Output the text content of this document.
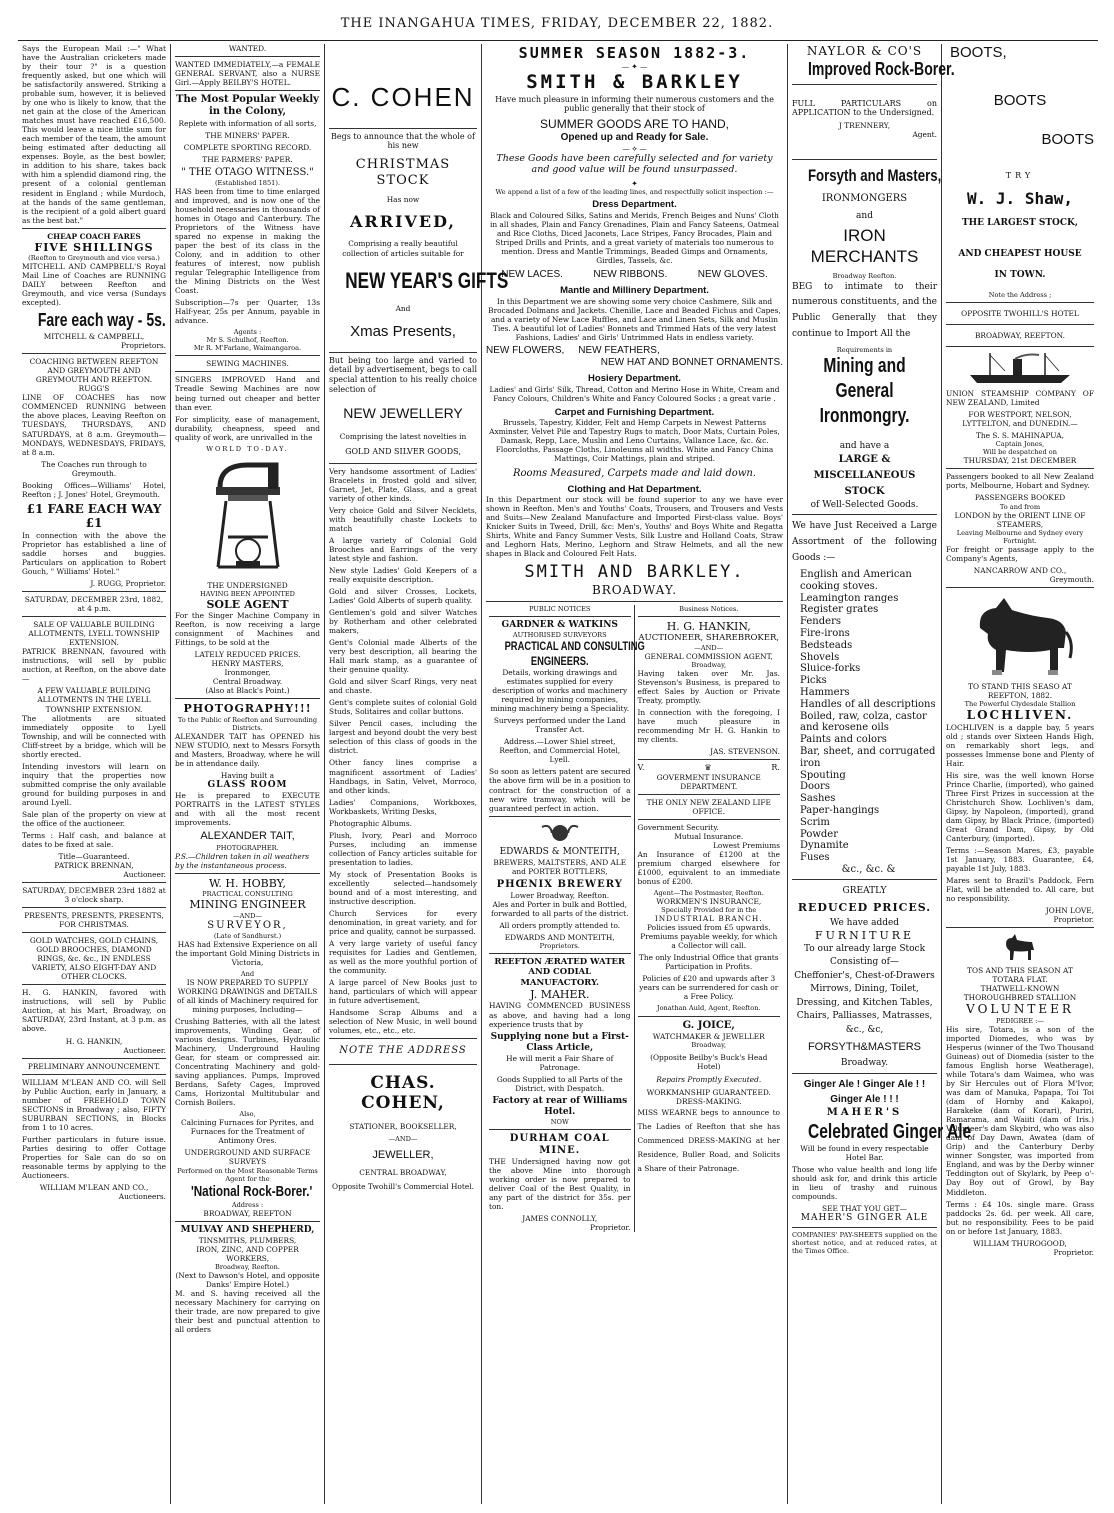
THE INANGAHUA TIMES, FRIDAY, DECEMBER 22, 1882.

Says the European Mail :—" What have the Australian cricketers made by their tour ?" is a question frequently asked, but one which will be satisfactorily answered. Striking a probable sum, however, it is believed by one who is likely to know, that the net gain at the close of the American matches must have reached £16,500. This would leave a nice little sum for each member of the team, the amount being estimated after deducting all expenses. Boyle, as the best bowler, in addition to his share, takes back with him a splendid diamond ring, the present of a colonial gentleman resident in England ; while Murdoch, at the hands of the same gentleman, is the recipient of a gold albert guard as the best bat."

CHEAP COACH FARES
FIVE SHILLINGS
(Reefton to Greymouth and vice versa.)

MITCHELL AND CAMPBELL'S Royal Mail Line of Coaches are RUNNING DAILY between Reefton and Greymouth, and vice versa (Sundays excepted).

Fare each way - 5s.
MITCHELL & CAMPBELL,
Proprietors.
COACHING BETWEEN REEFTON AND GREYMOUTH AND GREYMOUTH AND REEFTON.
RUGG'S

LINE OF COACHES has now COMMENCED RUNNING between the above places, Leaving Reefton on TUESDAYS, THURSDAYS, AND SATURDAYS, at 8 a.m. Greymouth— MONDAYS, WEDNESDAYS, FRIDAYS, at 8 a.m.

The Coaches run through to Greymouth.

Booking Offices—Williams' Hotel, Reefton ; J. Jones' Hotel, Greymouth.

£1 FARE EACH WAY £1

In connection with the above the Proprietor has established a line of saddle horses and buggies. Particulars on application to Robert Gouch, " Williams' Hotel."

J. RUGG, Proprietor.
SATURDAY, DECEMBER 23rd, 1882, at 4 p.m.
SALE OF VALUABLE BUILDING ALLOTMENTS, LYELL TOWNSHIP EXTENSION.

PATRICK BRENNAN, favoured with instructions, will sell by public auction, at Reefton, on the above date—

A FEW VALUABLE BUILDING ALLOTMENTS IN THE LYELL TOWNSHIP EXTENSION.

The allotments are situated immediately opposite to Lyell Township, and will be connected with Cliff-street by a bridge, which will be shortly erected.

Intending investors will learn on inquiry that the properties now submitted comprise the only available ground for building purposes in and around Lyell.

Sale plan of the property on view at the office of the auctioneer.

Terms : Half cash, and balance at dates to be fixed at sale.

Title—Guaranteed.
PATRICK BRENNAN,
Auctioneer.
SATURDAY, DECEMBER 23rd 1882 at 3 o'clock sharp.
PRESENTS, PRESENTS, PRESENTS, FOR CHRISTMAS.
GOLD WATCHES, GOLD CHAINS, GOLD BROOCHES, DIAMOND RINGS, &c. &c., IN ENDLESS VARIETY, ALSO EIGHT-DAY AND OTHER CLOCKS.

H. G. HANKIN, favored with instructions, will sell by Public Auction, at his Mart, Broadway, on SATURDAY, 23rd Instant, at 3 p.m. as above.

H. G. HANKIN,
Auctioneer.
PRELIMINARY ANNOUNCEMENT.

WILLIAM M'LEAN AND CO. will Sell by Public Auction, early in January, a number of FREEHOLD TOWN SECTIONS in Broadway ; also, FIFTY SUBURBAN SECTIONS, in Blocks from 1 to 10 acres.

Further particulars in future issue. Parties desiring to offer Cottage Properties for Sale can do so on reasonable terms by applying to the Auctioneers.

WILLIAM M'LEAN AND CO.,
Auctioneers.
WANTED.

WANTED IMMEDIATELY,—a FEMALE GENERAL SERVANT, also a NURSE Girl.—Apply BEILBY'S HOTEL.

The Most Popular Weekly in the Colony,
Replete with information of all sorts,
THE MINERS' PAPER.
COMPLETE SPORTING RECORD.
THE FARMERS' PAPER.
" THE OTAGO WITNESS."
(Established 1851).

HAS been from time to time enlarged and improved, and is now one of the household necessaries in thousands of homes in Otago and Canterbury. The Proprietors of the Witness have spared no expense in making the paper the best of its class in the Colony, and in addition to other features of interest, now publish regular Telegraphic Intelligence from the Mining Districts on the West Coast.

Subscription—7s per Quarter, 13s Half-year, 25s per Annum, payable in advance.

Agents :
Mr S. Schulhof, Reefton.
Mr R. M'Farlane, Waimangaroa.
SEWING MACHINES.

SINGERS IMPROVED Hand and Treadle Sewing Machines are now being turned out cheaper and better than ever.

For simplicity, ease of management, durability, cheapness, speed and quality of work, are unrivalled in the

WORLD TO-DAY.
THE UNDERSIGNED
HAVING BEEN APPOINTED
SOLE AGENT

For the Singer Machine Company in Reefton, is now receiving a large consignment of Machines and Fittings, to be sold at the

LATELY REDUCED PRICES.
HENRY MASTERS,
Ironmonger,
Central Broadway.
(Also at Black's Point.)
PHOTOGRAPHY!!!
To the Public of Reefton and Surrounding Districts.

ALEXANDER TAIT has OPENED his NEW STUDIO, next to Messrs Forsyth and Masters, Broadway, where he will be in attendance daily.

Having built a
GLASS ROOM

He is prepared to EXECUTE PORTRAITS in the LATEST STYLES and with all the most recent improvements.

ALEXANDER TAIT,
PHOTOGRAPHER.

P.S.—Children taken in all weathers by the instantaneous process.

W. H. HOBBY,
PRACTICAL CONSULTING
MINING ENGINEER
—AND—
SURVEYOR,
(Late of Sandhurst.)

HAS had Extensive Experience on all the important Gold Mining Districts in Victoria,

And

IS NOW PREPARED TO SUPPLY WORKING DRAWINGS and DETAILS of all kinds of Machinery required for mining purposes, Including—

Crushing Batteries, with all the latest improvements, Winding Gear, of various designs. Turbines, Hydraulic Machinery, Underground Hauling Gear, for steam or compressed air. Concentrating Machinery and gold-saving appliances. Pumps, Improved Berdans, Safety Cages, Improved Cams, Horizontal Multitubular and Cornish Boilers.

Also,

Calcining Furnaces for Pyrites, and Furnaces for the Treatment of Antimony Ores.

UNDERGROUND AND SURFACE SURVEYS
Performed on the Most Reasonable Terms
Agent for the
'National Rock-Borer.'
Address :
BROADWAY, REEFTON
MULVAY AND SHEPHERD,
TINSMITHS, PLUMBERS,
IRON, ZINC, AND COPPER WORKERS,
Broadway, Reefton.
(Next to Dawson's Hotel, and opposite Danks' Empire Hotel.)

M. and S. having received all the necessary Machinery for carrying on their trade, are now prepared to give their best and punctual attention to all orders

C. COHEN

Begs to announce that the whole of his new

CHRISTMAS STOCK
Has now
ARRIVED,

Comprising a really beautiful collection of articles suitable for

NEW YEAR'S GIFTS
And
Xmas Presents,

But being too large and varied to detail by advertisement, begs to call special attention to his really choice selection of

NEW JEWELLERY

Comprising the latest novelties in

GOLD AND SILVER GOODS,

Very handsome assortment of Ladies' Bracelets in frosted gold and silver, Garnet, Jet, Plate, Glass, and a great variety of other kinds.

Very choice Gold and Silver Necklets, with beautifully chaste Lockets to match

A large variety of Colonial Gold Brooches and Earrings of the very latest style and fashion.

New style Ladies' Gold Keepers of a really exquisite description.

Gold and silver Crosses, Lockets, Ladies' Gold Alberts of superb quality.

Gentlemen's gold and silver Watches by Rotherham and other celebrated makers,

Gent's Colonial made Alberts of the very best description, all bearing the Hall mark stamp, as a guarantee of their genuine quality.

Gold and silver Scarf Rings, very neat and chaste.

Gent's complete suites of colonial Gold Studs, Solitaires and collar buttons.

Silver Pencil cases, including the largest and beyond doubt the very best selection of this class of goods in the district.

Other fancy lines comprise a magnificent assortment of Ladies' Handbags, in Satin, Velvet, Morroco, and other kinds.

Ladies' Companions, Workboxes, Workbaskets, Writing Desks,

Photographic Albums.

Plush, Ivory, Pearl and Morroco Purses, including an immense collection of Fancy articles suitable for presentation to ladies.

My stock of Presentation Books is excellently selected—handsomely bound and of a most interesting, and instructive description.

Church Services for every denomination, in great variety, and for price and quality, cannot be surpassed.

A very large variety of useful fancy requisites for Ladies and Gentlemen, as well as the more youthful portion of the community.

A large parcel of New Books just to hand, particulars of which will appear in future advertisement,

Handsome Scrap Albums and a selection of New Music, in well bound volumes, etc., etc., etc.

NOTE THE ADDRESS
CHAS. COHEN,
STATIONER, BOOKSELLER,
—AND—
JEWELLER,
CENTRAL BROADWAY,
Opposite Twohill's Commercial Hotel.
SUMMER SEASON 1882-3.
— ✦ —
SMITH & BARKLEY

Have much pleasure in informing their numerous customers and the public generally that their stock of

SUMMER GOODS ARE TO HAND,
Opened up and Ready for Sale.
— ⟡ —

These Goods have been carefully selected and for variety and good value will be found unsurpassed.

✦

We append a list of a few of the leading lines, and respectfully solicit inspection :—

Dress Department.

Black and Coloured Silks, Satins and Merids, French Beiges and Nuns' Cloth in all shades, Plain and Fancy Grenadines, Plain and Fancy Sateens, Oatmeal and Rice Cloths, Diced Jaconets, Lace Stripes, Fancy Brocades, Plain and Striped Drills and Prints, and a great variety of materials too numerous to mention. Dress and Mantle Trimmings, Beaded Gimps and Ornaments, Girdles, Tassels, &c.

NEW LACES.	NEW RIBBONS.	NEW GLOVES.
Mantle and Millinery Department.

In this Department we are showing some very choice Cashmere, Silk and Brocaded Dolmans and Jackets. Chenille, Lace and Beaded Fichus and Capes, and a variety of New Lace Ruffles, and Lace and Linen Sets, Silk and Muslin Ties. A beautiful lot of Ladies' Bonnets and Trimmed Hats of the very latest Fashions, Ladies' and Girls' Untrimmed Hats in endless variety.

NEW FLOWERS, NEW FEATHERS,
NEW HAT AND BONNET ORNAMENTS.
Hosiery Department.

Ladies' and Girls' Silk, Thread, Cotton and Merino Hose in White, Cream and Fancy Colours, Children's White and Fancy Coloured Socks ; a great varie .

Carpet and Furnishing Department.

Brussels, Tapestry, Kidder, Felt and Hemp Carpets in Newest Patterns Axminster, Velvet Pile and Tapestry Rugs to match, Door Mats, Curtain Poles, Damask, Repp, Lace, Muslin and Leno Curtains, Vallance Lace, &c. &c. Floorcloths, Passage Cloths, Linoleums all widths. White and Fancy China Mattings, Coir Mattings, plain and striped.

Rooms Measured, Carpets made and laid down.
Clothing and Hat Department.

In this Department our stock will be found superior to any we have ever shown in Reefton. Men's and Youths' Coats, Trousers, and Trousers and Vests and Suits—New Zealand Manufacture and Imported First-class value. Boys' Knicker Suits in Tweed, Drill, &c: Men's, Youths' and Boys White and Regatta Shirts, White and Fancy Summer Vests, Silk Lustre and Holland Coats, Straw and Leghorn Hats, Merino, Leghorn and Straw Helmets, and all the new shapes in Black and Coloured Felt Hats.

SMITH AND BARKLEY.
BROADWAY.
PUBLIC NOTICES
GARDNER & WATKINS
AUTHORISED SURVEYORS
PRACTICAL AND CONSULTING
ENGINEERS.

Details, working drawings and estimates supplied for every description of works and machinery required by mining companies, mining machinery being a Speciality.

Surveys performed under the Land Transfer Act.

Address.—Lower Shiel street, Reefton, and Commercial Hotel, Lyell.

So soon as letters patent are secured the above firm will be in a position to contract for the construction of a new wire tramway, which will be guaranteed perfect in action.

EDWARDS & MONTEITH,

BREWERS, MALTSTERS, AND ALE and PORTER BOTTLERS,

PHŒNIX BREWERY
Lower Broadway, Reefton.

Ales and Porter in bulk and Bottled, forwarded to all parts of the district.

All orders promptly attended to.

EDWARDS AND MONTEITH,
Proprietors.
REEFTON ÆRATED WATER AND CODIAL MANUFACTORY.
J. MAHER.

HAVING COMMENCED BUSINESS as above, and having had a long experience trusts that by

Supplying none but a First-Class Article,

He will merit a Fair Share of Patronage.

Goods Supplied to all Parts of the District, with Despatch.

Factory at rear of Williams Hotel.
NOW
DURHAM COAL MINE.

THE Undersigned having now got the above Mine into thorough working order is now prepared to deliver Coal of the Best Quality, in any part of the district for 35s. per ton.

JAMES CONNOLLY,
Proprietor.
Business Notices.
H. G. HANKIN,
AUCTIONEER, SHAREBROKER,
—AND—
GENERAL COMMISSION AGENT,
Broadway,

Having taken over Mr. Jas. Stevenson's Business, is prepared to effect Sales by Auction or Private Treaty, promptly.

In connection with the foregoing, I have much pleasure in recommending Mr H. G. Hankin to my clients.

JAS. STEVENSON.
V.	♛	R.
GOVERMENT INSURANCE DEPARTMENT.
THE ONLY NEW ZEALAND LIFE OFFICE.
Government Security.
Mutual Insurance.
Lowest Premiums

An Insurance of £1200 at the premium charged elsewhere for £1000, equivalent to an immediate bonus of £200.

Agent—The Postmaster, Reefton.
WORKMEN'S INSURANCE,
Specially Provided for in the
INDUSTRIAL BRANCH.

Policies issued from £5 upwards. Premiums payable weekly, for which a Collector will call.

The only Industrial Office that grants Participation in Profits.

Policies of £20 and upwards after 3 years can be surrendered for cash or a Free Policy.

Jonathan Auld, Agent, Reefton.
G. JOICE,
WATCHMAKER & JEWELLER
Broadway,
(Opposite Beilby's Buck's Head Hotel)
Repairs Promptly Executed.
WORKMANSHIP GUARANTEED.
DRESS-MAKING.

MISS WEARNE begs to announce to The Ladies of Reefton that she has Commenced DRESS-MAKING at her Residence, Buller Road, and Solicits a Share of their Patronage.

NAYLOR & CO'S
Improved Rock-Borer.

FULL PARTICULARS on APPLICATION to the Undersigned.

J TRENNERY,
Agent.
Forsyth and Masters,
IRONMONGERS
and
IRON MERCHANTS
Broadway Reefton.

BEG to intimate to their numerous constituents, and the Public Generally that they continue to Import All the

Requirements in
Mining and General Ironmongry.
and have a
LARGE & MISCELLANEOUS STOCK
of Well-Selected Goods.

We have Just Received a Large Assortment of the following Goods :—

English and American cooking stoves.
Leamington ranges
Register grates
Fenders
Fire-irons
Bedsteads
Shovels
Sluice-forks
Picks
Hammers
Handles of all descriptions
Boiled, raw, colza, castor and kerosene oils
Paints and colors
Bar, sheet, and corrugated iron
Spouting
Doors
Sashes
Paper-hangings
Scrim
Powder
Dynamite
Fuses
&c., &c. &
GREATLY
REDUCED PRICES.
We have added
FURNITURE
To our already large Stock Consisting of—
Cheffonier's, Chest-of-Drawers Mirrows, Dining, Toilet, Dressing, and Kitchen Tables, Chairs, Palliasses, Matrasses, &c., &c,
FORSYTH&MASTERS
Broadway.
Ginger Ale ! Ginger Ale ! ! Ginger Ale ! ! !
MAHER'S
Celebrated Ginger Ale

Will be found in every respectable Hotel Bar.

Those who value health and long life should ask for, and drink this article in lieu of trashy and ruinous compounds.

SEE THAT YOU GET—
MAHER'S GINGER ALE

COMPANIES' PAY-SHEETS supplied on the shortest notice, and at reduced rates, at the Times Office.

BOOTS,
BOOTS
BOOTS
TRY
W. J. Shaw,
THE LARGEST STOCK,
AND CHEAPEST HOUSE
IN TOWN.
Note the Address ;
OPPOSITE TWOHILL'S HOTEL
BROADWAY, REEFTON.

UNION STEAMSHIP COMPANY OF NEW ZEALAND, Limited

FOR WESTPORT, NELSON, LYTTELTON, and DUNEDIN.—

The S. S. MAHINAPUA,
Captain Jones,
Will be despatched on
THURSDAY, 21st DECEMBER

Passengers booked to all New Zealand ports, Melbourne, Hobart and Sydney.

PASSENGERS BOOKED
To and from
LONDON by the ORIENT LINE OF STEAMERS,
Leaving Melbourne and Sydney every Fortnight.

For freight or passage apply to the Company's Agents,

NANCARROW AND CO.,
Greymouth.
TO STAND THIS SEASO AT
REEFTON, 1882.
The Powerful Clydesdale Stallion
LOCHLIVEN.

LOCHLIVEN is a dapple bay, 5 years old ; stands over Sixteen Hands High, on remarkably short legs, and possesses Immense bone and Plenty of Hair.

His sire, was the well known Horse Prince Charlie, (imported), who gained Three First Prizes in succession at the Christchurch Show. Lochliven's dam, Gipsy, by Napoleon, (imported), grand dam Gipsy, by Black Prince, (imported) Great Grand Dam, Gipsy, by Old Canterbury, (imported).

Terms :—Season Mares, £3, payable 1st January, 1883. Guarantee, £4, payable 1st July, 1883.

Mares sent to Brazil's Paddock, Fern Flat, will be attended to. All care, but no responsibility.

JOHN LOVE,
Proprietor.
TOS AND THIS SEASON AT
TOTARA FLAT.
THATWELL-KNOWN THOROUGHBRED STALLION
VOLUNTEER
PEDIGREE :—

His sire, Totara, is a son of the imported Diomedes, who was by Hesperus (winner of the Two Thousand Guineas) out of Diomedia (sister to the famous English horse Weatherage), while Totara's dam Waimea, who was by Sir Hercules out of Flora M'Ivor, was dam of Manuka, Papapa, Toi Toi (dam of Hornby and Kakapo), Harakeke (dam of Korari), Puriri, Ramarama, and Waiiti (dam of Iris.) Volunteer's dam Skybird, who was also dam of Day Dawn, Awatea (dam of Grip) and the Canterbury Derby winner Songster, was imported from England, and was by the Derby winner Teddington out of Skylark, by Peep o'-Day Boy out of Growl, by Bay Middleton.

Terms : £4 10s. single mare. Grass paddocks 2s. 6d. per week. All care, but no responsibility. Fees to be paid on or before 1st January, 1883.

WILLIAM THUROGOOD,
Proprietor.
